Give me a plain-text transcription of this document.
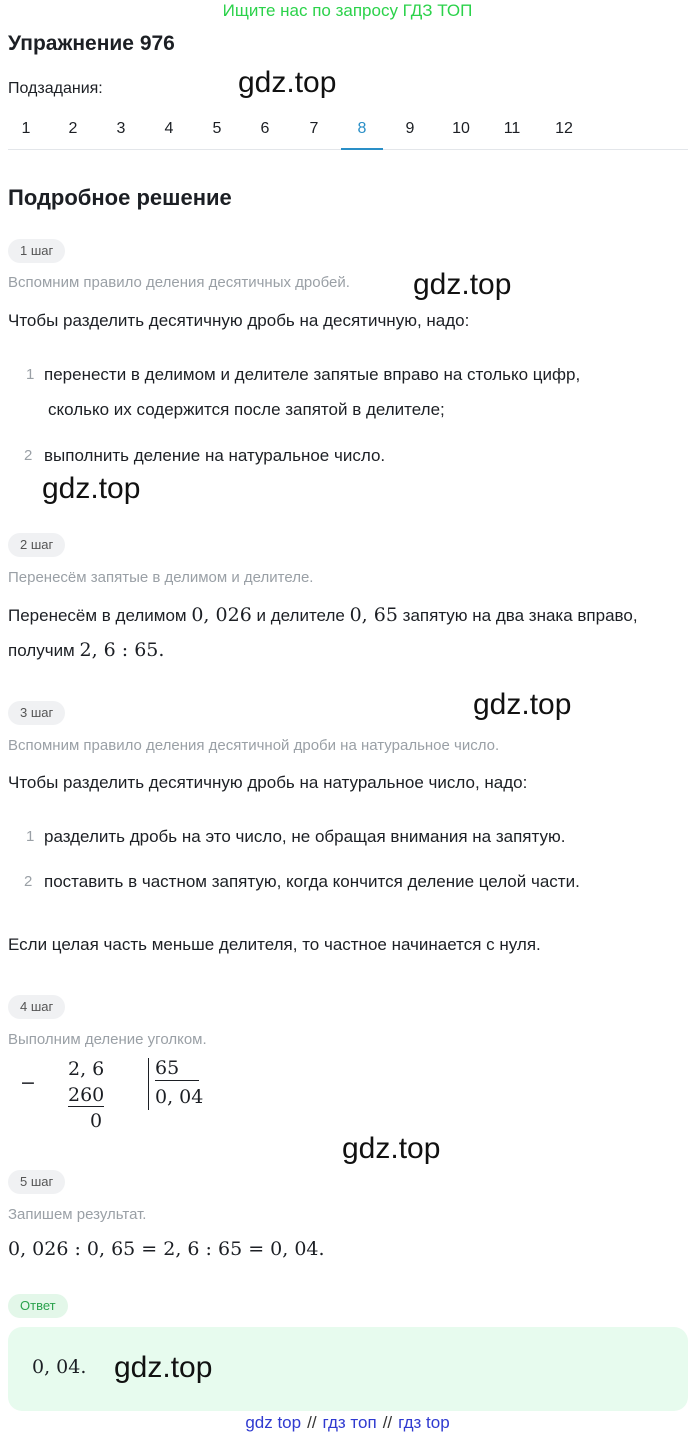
Ищите нас по запросу ГДЗ ТОП
Упражнение 976
Подзадания:	gdz.top
1	2	3	4	5	6	7	8	9	10 11 12
Подробное решение
1 шаг
Вспомним правило деления десятичных дробей. gdz.top
Чтобы разделить десятичную дробь на десятичную, надо:
1 перенести в делимом и делителе запятые вправо на столько цифр,
сколько их содержится после запятой в делителе;
2 выполнить деление на натуральное число.
gdz.top
2 шаг
Перенесём запятые в делимом и делителе.
Перенесём в делимом 0, 026 и делителе 0, 65 запятую на два знака вправо,
получим 2, 6 : 65.
3 шаг	gdz.top
Вспомним правило деления десятичной дроби на натуральное число.
Чтобы разделить десятичную дробь на натуральное число, надо:
1 разделить дробь на это число, не обращая внимания на запятую.
2 поставить в частном запятую, когда кончится деление целой части.
Если целая часть меньше делителя, то частное начинается с нуля.
4 шаг
Выполним деление уголком.
−
2, 6
260
0
65
0, 04
gdz.top
5 шаг
Запишем результат.
0, 026 : 0, 65 = 2, 6 : 65 = 0, 04.
Ответ
0, 04. gdz.top
gdz top // гдз топ // гдз top
